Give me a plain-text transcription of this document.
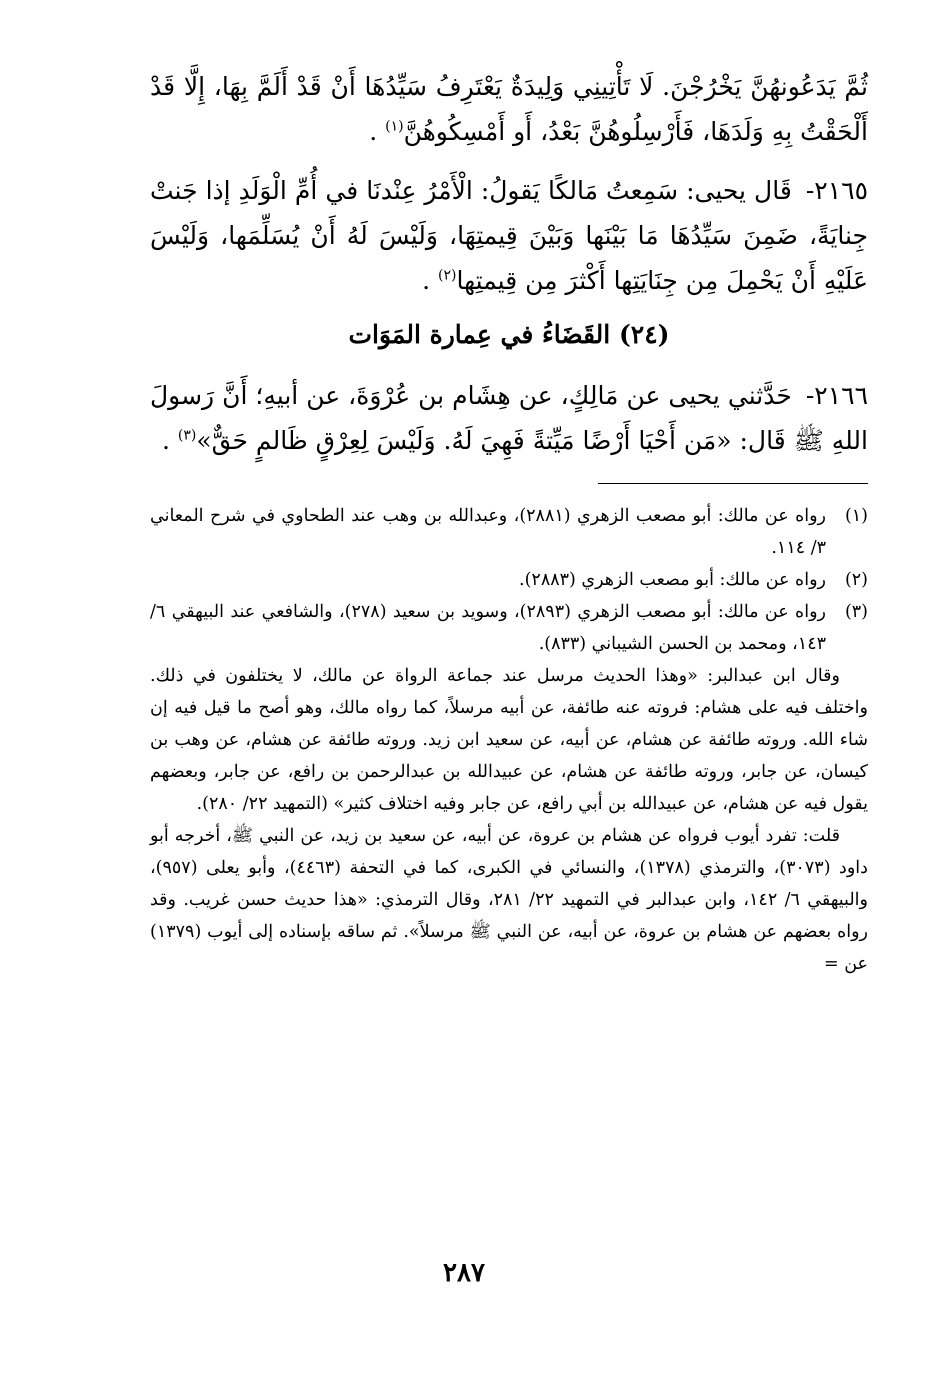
ثُمَّ يَدَعُونهُنَّ يَخْرُجْنَ. لَا تَأْتِينِي وَلِيدَةٌ يَعْتَرِفُ سَيِّدُهَا أَنْ قَدْ أَلَمَّ بِهَا، إِلَّا قَدْ أَلْحَقْتُ بِهِ وَلَدَهَا، فَأَرْسِلُوهُنَّ بَعْدُ، أَو أَمْسِكُوهُنَّ$^{(١)}$ .

٢١٦٥- قَال يحيى: سَمِعتُ مَالكًا يَقولُ: الْأَمْرُ عِنْدنَا في أُمِّ الْوَلَدِ إذا جَنتْ جِنايَةً، ضَمِنَ سَيِّدُهَا مَا بَيْنَها وَبَيْنَ قِيمتِهَا، وَلَيْسَ لَهُ أَنْ يُسَلِّمَها، وَلَيْسَ عَلَيْهِ أَنْ يَحْمِلَ مِن جِنَايَتِها أَكْثرَ مِن قِيمتِها$^{(٢)}$ .

(٢٤) القَضَاءُ في عِمارة المَوَات

٢١٦٦- حَدَّثني يحيى عن مَالِكٍ، عن هِشَام بن عُرْوَةَ، عن أبيهِ؛ أَنَّ رَسولَ اللهِ ﷺ قَال: «مَن أَحْيَا أَرْضًا مَيِّتةً فَهِيَ لَهُ. وَلَيْسَ لِعِرْقٍ ظَالمٍ حَقٌّ»$^{(٣)}$ .

(١)
رواه عن مالك: أبو مصعب الزهري (٢٨٨١)، وعبدالله بن وهب عند الطحاوي في شرح المعاني ٣/ ١١٤.
(٢)
رواه عن مالك: أبو مصعب الزهري (٢٨٨٣).
(٣)
رواه عن مالك: أبو مصعب الزهري (٢٨٩٣)، وسويد بن سعيد (٢٧٨)، والشافعي عند البيهقي ٦/ ١٤٣، ومحمد بن الحسن الشيباني (٨٣٣).

وقال ابن عبدالبر: «وهذا الحديث مرسل عند جماعة الرواة عن مالك، لا يختلفون في ذلك. واختلف فيه على هشام: فروته عنه طائفة، عن أبيه مرسلاً، كما رواه مالك، وهو أصح ما قيل فيه إن شاء الله. وروته طائفة عن هشام، عن أبيه، عن سعيد ابن زيد. وروته طائفة عن هشام، عن وهب بن كيسان، عن جابر، وروته طائفة عن هشام، عن عبيدالله بن عبدالرحمن بن رافع، عن جابر، وبعضهم يقول فيه عن هشام، عن عبيدالله بن أبي رافع، عن جابر وفيه اختلاف كثير» (التمهيد ٢٢/ ٢٨٠).

قلت: تفرد أيوب فرواه عن هشام بن عروة، عن أبيه، عن سعيد بن زيد، عن النبي ﷺ، أخرجه أبو داود (٣٠٧٣)، والترمذي (١٣٧٨)، والنسائي في الكبرى، كما في التحفة (٤٤٦٣)، وأبو يعلى (٩٥٧)، والبيهقي ٦/ ١٤٢، وابن عبدالبر في التمهيد ٢٢/ ٢٨١، وقال الترمذي: «هذا حديث حسن غريب. وقد رواه بعضهم عن هشام بن عروة، عن أبيه، عن النبي ﷺ مرسلاً». ثم ساقه بإسناده إلى أيوب (١٣٧٩) عن =

٢٨٧
